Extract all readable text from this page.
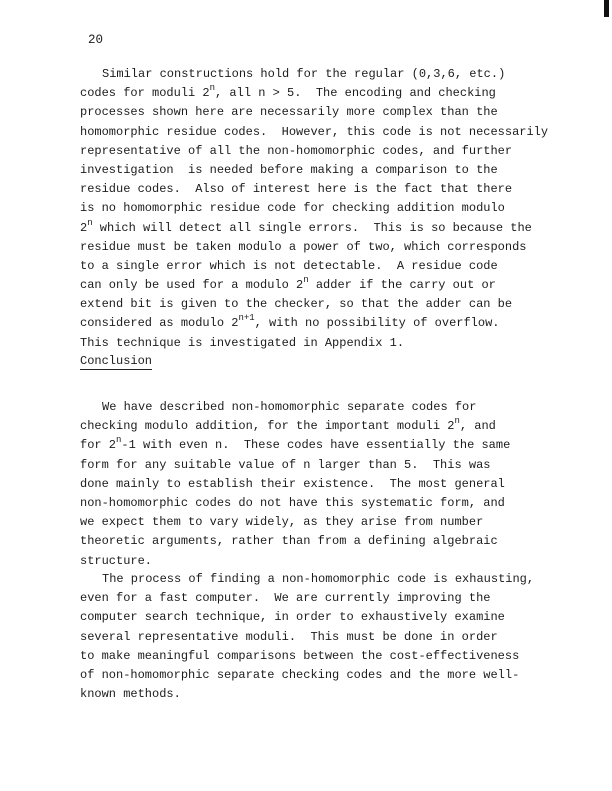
20
Similar constructions hold for the regular (0,3,6, etc.)
codes for moduli 2$^n$, all n > 5.  The encoding and checking
processes shown here are necessarily more complex than the
homomorphic residue codes.  However, this code is not necessarily
representative of all the non-homomorphic codes, and further
investigation  is needed before making a comparison to the
residue codes.  Also of interest here is the fact that there
is no homomorphic residue code for checking addition modulo
2$^n$ which will detect all single errors.  This is so because the
residue must be taken modulo a power of two, which corresponds
to a single error which is not detectable.  A residue code
can only be used for a modulo 2$^n$ adder if the carry out or
extend bit is given to the checker, so that the adder can be
considered as modulo $2^{n+1}$, with no possibility of overflow.
This technique is investigated in Appendix 1.
Conclusion
We have described non-homomorphic separate codes for
checking modulo addition, for the important moduli 2$^n$, and
for 2$^n$-1 with even n.  These codes have essentially the same
form for any suitable value of n larger than 5.  This was
done mainly to establish their existence.  The most general
non-homomorphic codes do not have this systematic form, and
we expect them to vary widely, as they arise from number
theoretic arguments, rather than from a defining algebraic
structure.
The process of finding a non-homomorphic code is exhausting,
even for a fast computer.  We are currently improving the
computer search technique, in order to exhaustively examine
several representative moduli.  This must be done in order
to make meaningful comparisons between the cost-effectiveness
of non-homomorphic separate checking codes and the more well-
known methods.
